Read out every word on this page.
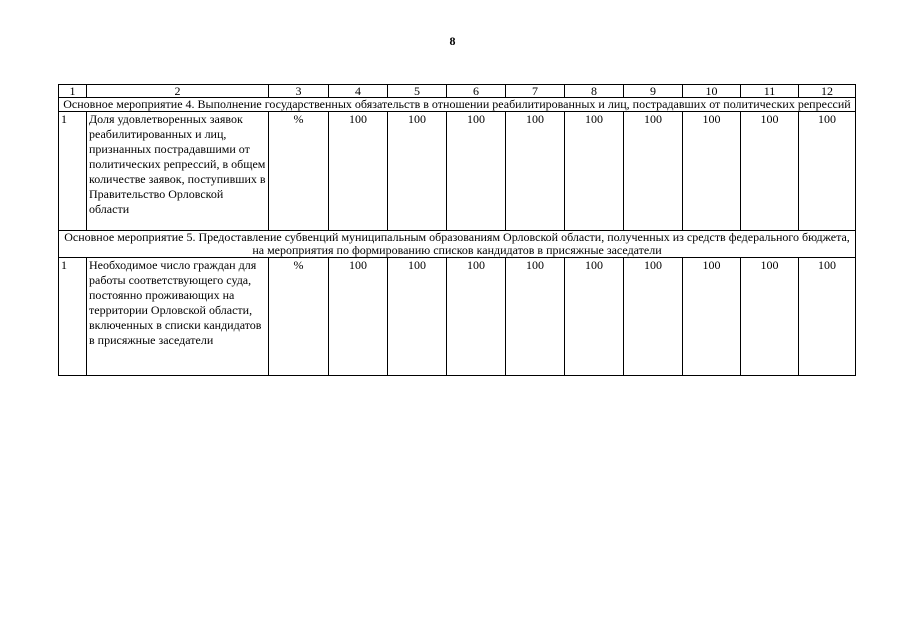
8
1	2	3	4	5	6	7	8	9	10	11	12
Основное мероприятие 4. Выполнение государственных обязательств в отношении реабилитированных и лиц, пострадавших от политических репрессий											
1	Доля удовлетворенных заявок реабилитированных и лиц, признанных пострадавшими от политических репрессий, в общем количестве заявок, поступивших в Правительство Орловской области	%	100	100	100	100	100	100	100	100	100
Основное мероприятие 5. Предоставление субвенций муниципальным образованиям Орловской области, полученных из средств федерального бюджета, на мероприятия по формированию списков кандидатов в присяжные заседатели											
1	Необходимое число граждан для работы соответствующего суда, постоянно проживающих на территории Орловской области, включенных в списки кандидатов в присяжные заседатели	%	100	100	100	100	100	100	100	100	100
